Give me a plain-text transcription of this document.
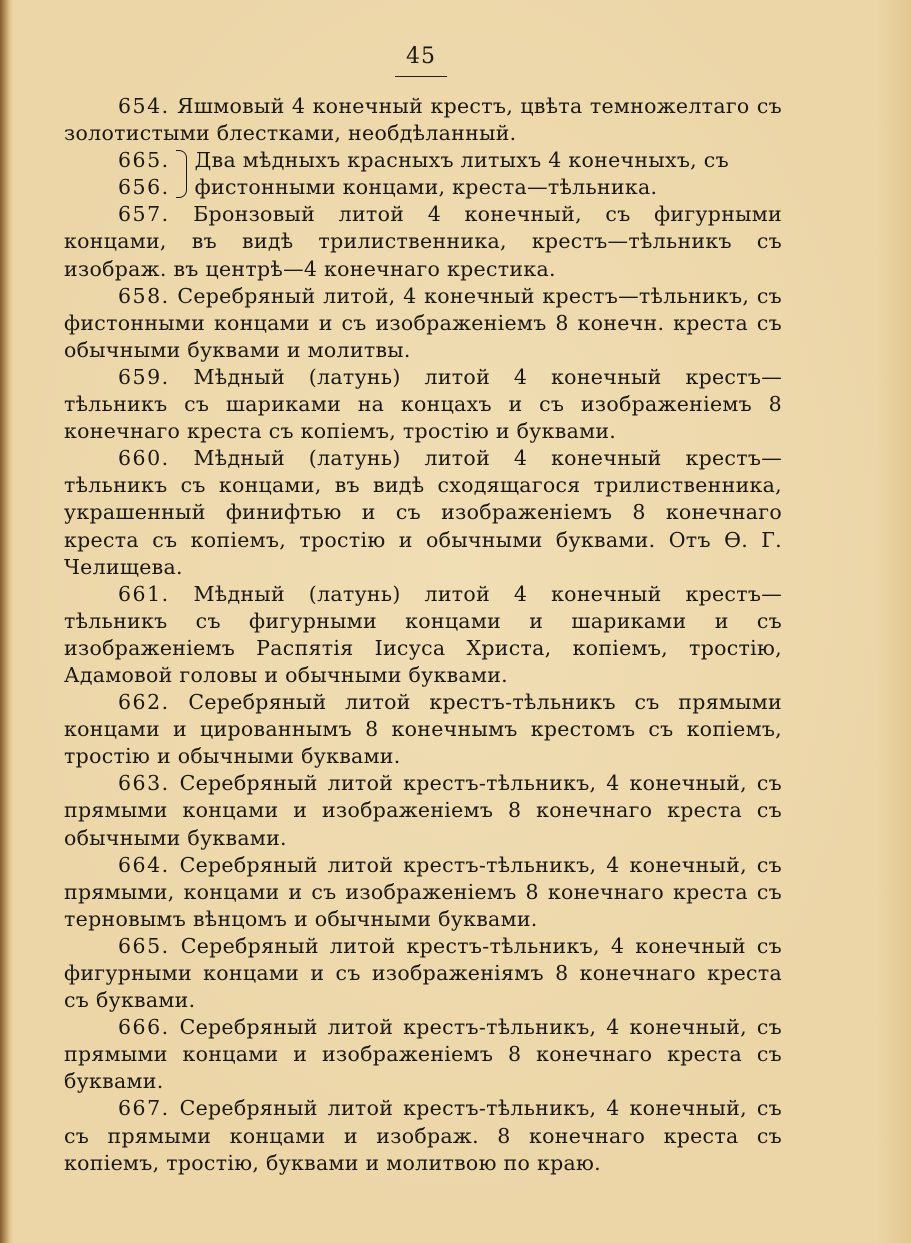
45

654. Яшмовый 4 конечный крестъ, цвѣта темножелтаго съ золотистыми блестками, необдѣланный.

665.
656.
Два мѣдныхъ красныхъ литыхъ 4 конечныхъ, съ
фистонными концами, креста—тѣльника.

657. Бронзовый литой 4 конечный, съ фигурными концами, въ видѣ трилиственника, крестъ—тѣльникъ съ изображ. въ центрѣ—4 конечнаго крестика.

658. Серебряный литой, 4 конечный крестъ—тѣльникъ, съ фистонными концами и съ изображеніемъ 8 конечн. креста съ обычными буквами и молитвы.

659. Мѣдный (латунь) литой 4 конечный крестъ—тѣльникъ съ шариками на концахъ и съ изображеніемъ 8 конечнаго креста съ копіемъ, тростію и буквами.

660. Мѣдный (латунь) литой 4 конечный крестъ—тѣльникъ съ концами, въ видѣ сходящагося трилиственника, украшенный финифтью и съ изображеніемъ 8 конечнаго креста съ копіемъ, тростію и обычными буквами. Отъ Ѳ. Г. Челищева.

661. Мѣдный (латунь) литой 4 конечный крестъ—тѣльникъ съ фигурными концами и шариками и съ изображеніемъ Распятія Іисуса Христа, копіемъ, тростію, Адамовой головы и обычными буквами.

662. Серебряный литой крестъ-тѣльникъ съ прямыми концами и цированнымъ 8 конечнымъ крестомъ съ копіемъ, тростію и обычными буквами.

663. Серебряный литой крестъ-тѣльникъ, 4 конечный, съ прямыми концами и изображеніемъ 8 конечнаго креста съ обычными буквами.

664. Серебряный литой крестъ-тѣльникъ, 4 конечный, съ прямыми, концами и съ изображеніемъ 8 конечнаго креста съ терновымъ вѣнцомъ и обычными буквами.

665. Серебряный литой крестъ-тѣльникъ, 4 конечный съ фигурными концами и съ изображеніямъ 8 конечнаго креста съ буквами.

666. Серебряный литой крестъ-тѣльникъ, 4 конечный, съ прямыми концами и изображеніемъ 8 конечнаго креста съ буквами.

667. Серебряный литой крестъ-тѣльникъ, 4 конечный, съ съ прямыми концами и изображ. 8 конечнаго креста съ копіемъ, тростію, буквами и молитвою по краю.
